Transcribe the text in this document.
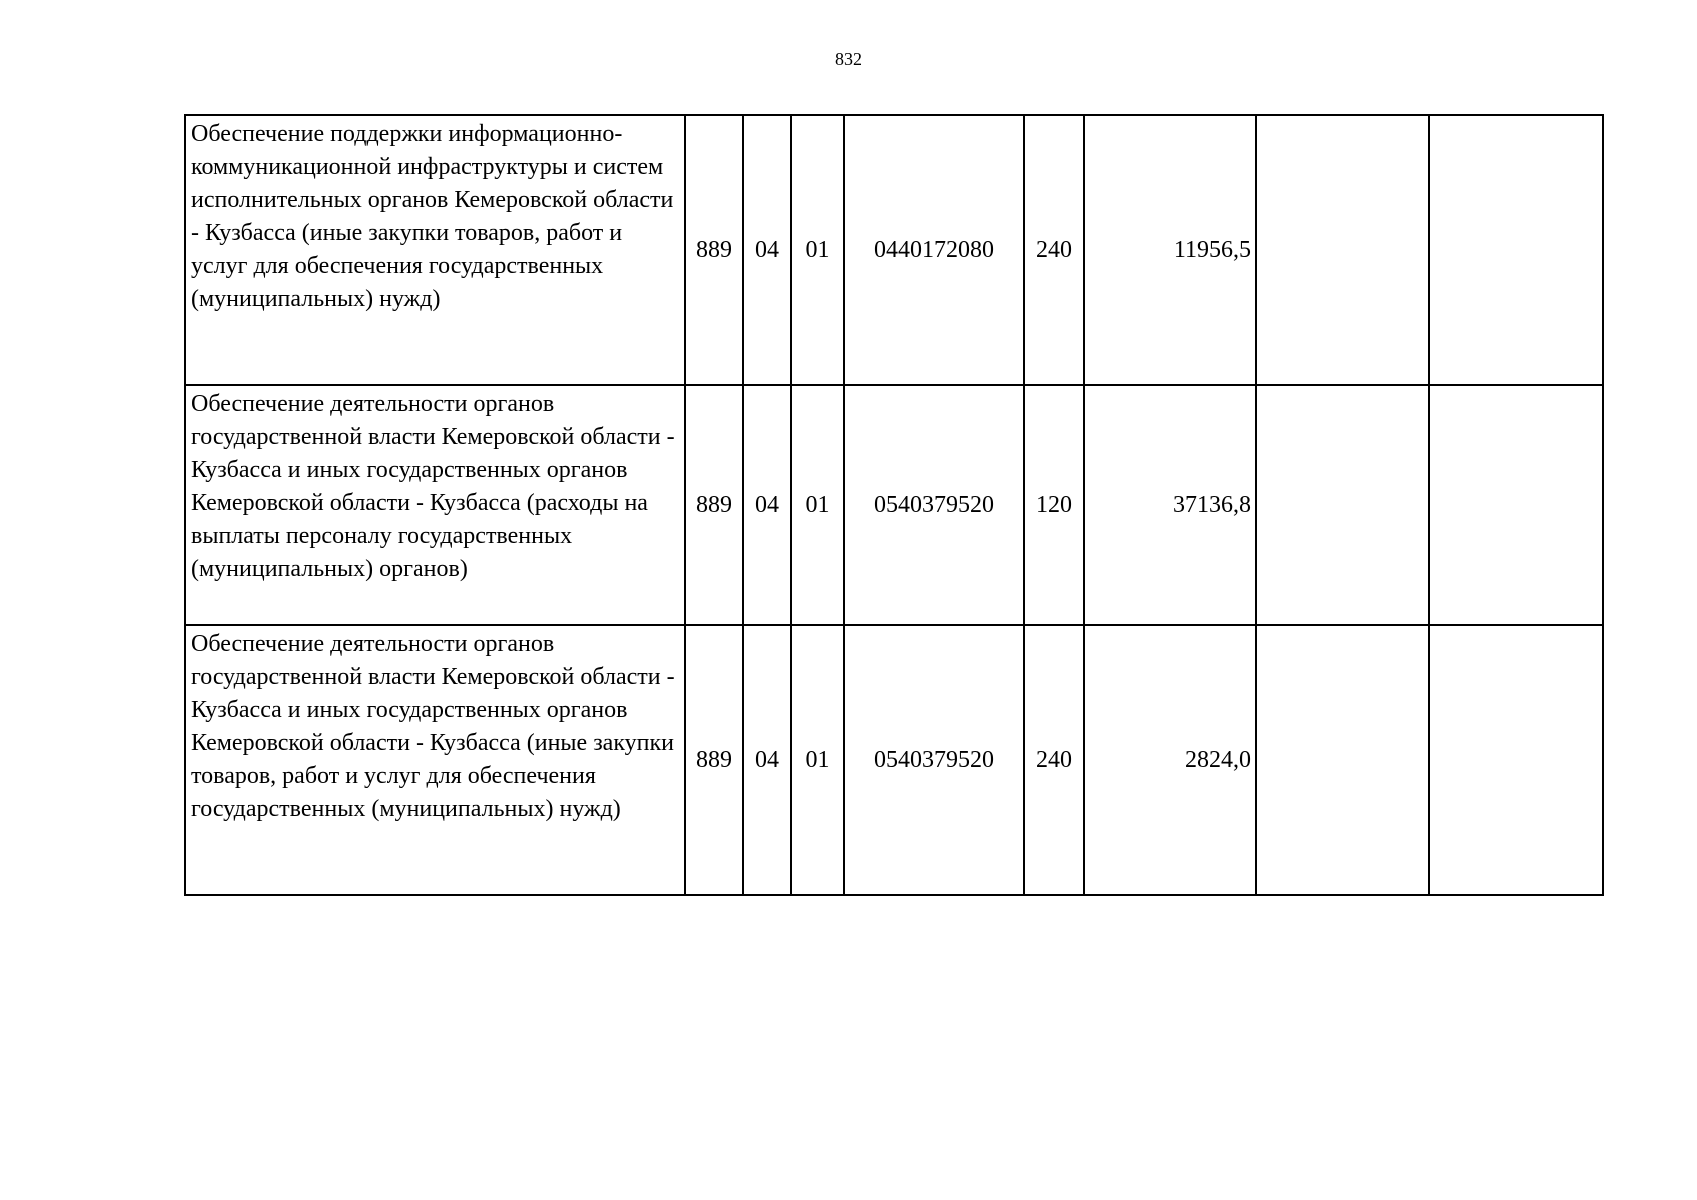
832
Обеспечение поддержки информационно-коммуникационной инфраструктуры и систем исполнительных органов Кемеровской области - Кузбасса (иные закупки товаров, работ и услуг для обеспечения государственных (муниципальных) нужд)	889	04	01	0440172080	240	11956,5		
Обеспечение деятельности органов государственной власти Кемеровской области - Кузбасса и иных государственных органов Кемеровской области - Кузбасса (расходы на выплаты персоналу государственных (муниципальных) органов)	889	04	01	0540379520	120	37136,8		
Обеспечение деятельности органов государственной власти Кемеровской области - Кузбасса и иных государственных органов Кемеровской области - Кузбасса (иные закупки товаров, работ и услуг для обеспечения государственных (муниципальных) нужд)	889	04	01	0540379520	240	2824,0		
